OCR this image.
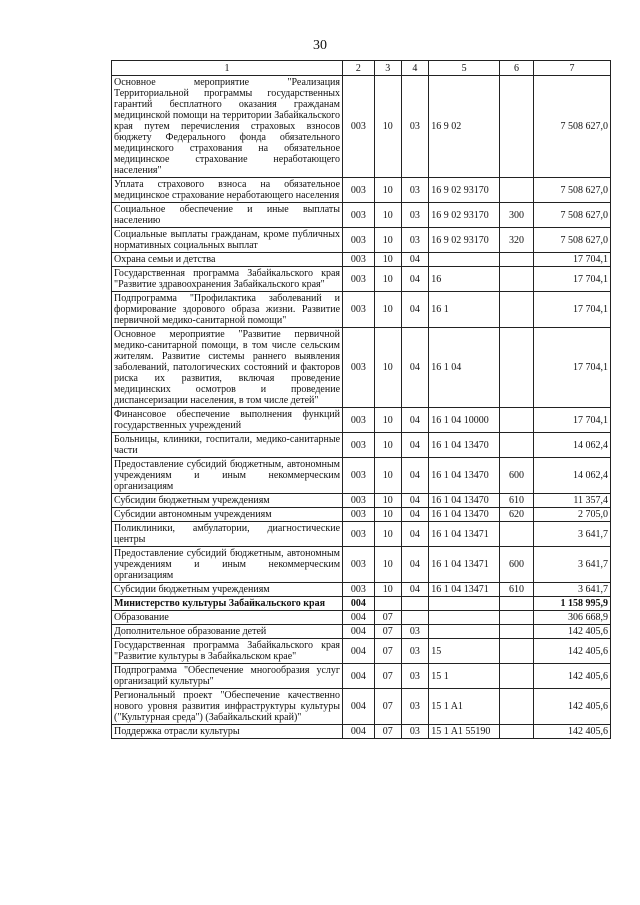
30
1	2	3	4	5	6	7
Основное мероприятие "Реализация Территориальной программы государственных гарантий бесплатного оказания гражданам медицинской помощи на территории Забайкальского края путем перечисления страховых взносов бюджету Федерального фонда обязательного медицинского страхования на обязательное медицинское страхование неработающего населения"	003	10	03	16 9 02		7 508 627,0
Уплата страхового взноса на обязательное медицинское страхование неработающего населения	003	10	03	16 9 02 93170		7 508 627,0
Социальное обеспечение и иные выплаты населению	003	10	03	16 9 02 93170	300	7 508 627,0
Социальные выплаты гражданам, кроме публичных нормативных социальных выплат	003	10	03	16 9 02 93170	320	7 508 627,0
Охрана семьи и детства	003	10	04			17 704,1
Государственная программа Забайкальского края "Развитие здравоохранения Забайкальского края"	003	10	04	16		17 704,1
Подпрограмма "Профилактика заболеваний и формирование здорового образа жизни. Развитие первичной медико-санитарной помощи"	003	10	04	16 1		17 704,1
Основное мероприятие "Развитие первичной медико-санитарной помощи, в том числе сельским жителям. Развитие системы раннего выявления заболеваний, патологических состояний и факторов риска их развития, включая проведение медицинских осмотров и проведение диспансеризации населения, в том числе детей"	003	10	04	16 1 04		17 704,1
Финансовое обеспечение выполнения функций государственных учреждений	003	10	04	16 1 04 10000		17 704,1
Больницы, клиники, госпитали, медико-санитарные части	003	10	04	16 1 04 13470		14 062,4
Предоставление субсидий бюджетным, автономным учреждениям и иным некоммерческим организациям	003	10	04	16 1 04 13470	600	14 062,4
Субсидии бюджетным учреждениям	003	10	04	16 1 04 13470	610	11 357,4
Субсидии автономным учреждениям	003	10	04	16 1 04 13470	620	2 705,0
Поликлиники, амбулатории, диагностические центры	003	10	04	16 1 04 13471		3 641,7
Предоставление субсидий бюджетным, автономным учреждениям и иным некоммерческим организациям	003	10	04	16 1 04 13471	600	3 641,7
Субсидии бюджетным учреждениям	003	10	04	16 1 04 13471	610	3 641,7
Министерство культуры Забайкальского края	004					1 158 995,9
Образование	004	07				306 668,9
Дополнительное образование детей	004	07	03			142 405,6
Государственная программа Забайкальского края "Развитие культуры в Забайкальском крае"	004	07	03	15		142 405,6
Подпрограмма "Обеспечение многообразия услуг организаций культуры"	004	07	03	15 1		142 405,6
Региональный проект "Обеспечение качественно нового уровня развития инфраструктуры культуры ("Культурная среда") (Забайкальский край)"	004	07	03	15 1 A1		142 405,6
Поддержка отрасли культуры	004	07	03	15 1 A1 55190		142 405,6
